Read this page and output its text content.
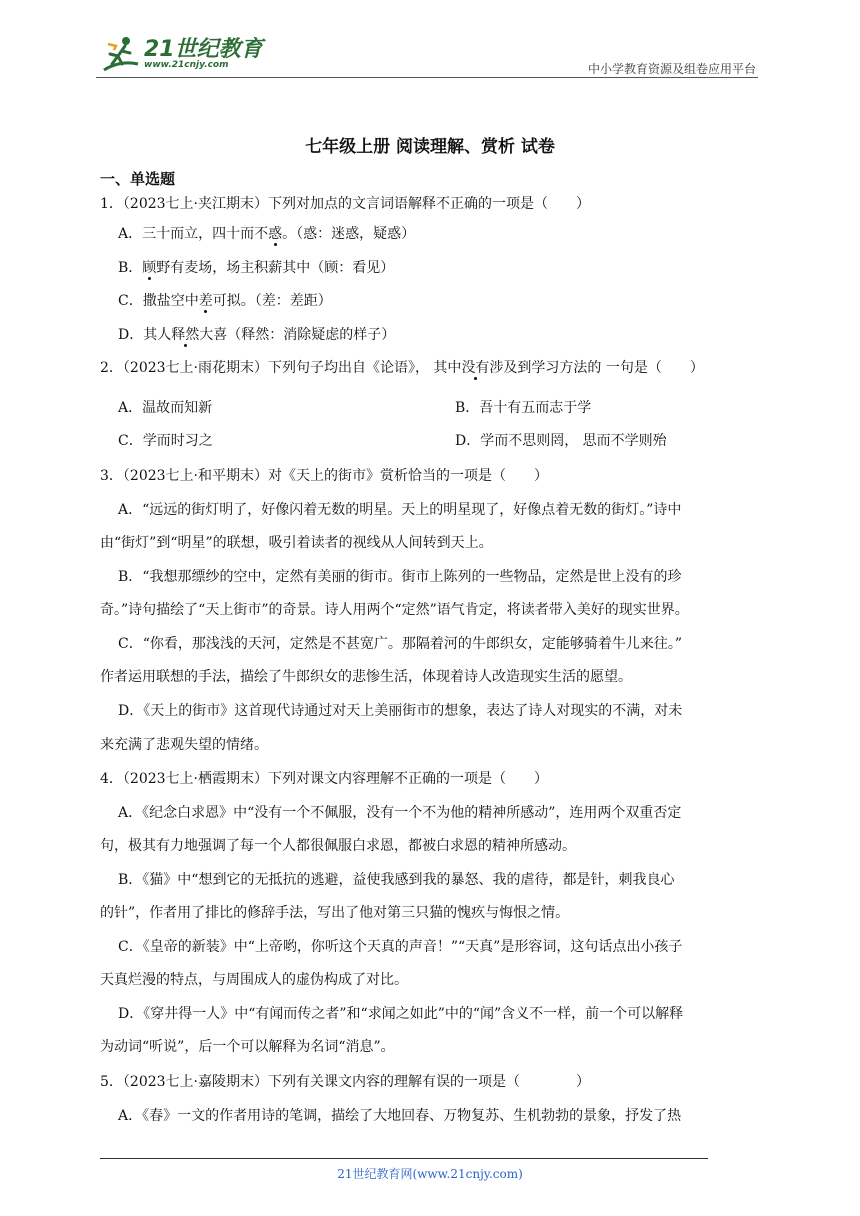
21世纪教育
www.21cnjy.com	中小学教育资源及组卷应用平台
七年级上册 阅读理解、赏析 试卷
一、单选题
1．（2023七上·夹江期末）下列对加点的文言词语解释不正确的一项是（　　）
A．三十而立，四十而不惑。（惑：迷惑，疑惑）
B．顾野有麦场，场主积薪其中（顾：看见）
C．撒盐空中差可拟。（差：差距）
D．其人释然大喜（释然：消除疑虑的样子）
2．（2023七上·雨花期末）下列句子均出自《论语》， 其中没有涉及到学习方法的 一句是（　　）
A．温故而知新	B．吾十有五而志于学
C．学而时习之	D．学而不思则罔， 思而不学则殆
3．（2023七上·和平期末）对《天上的街市》赏析恰当的一项是（　　）
A．“远远的街灯明了，好像闪着无数的明星。天上的明星现了，好像点着无数的街灯。”诗中
由“街灯”到“明星”的联想，吸引着读者的视线从人间转到天上。
B．“我想那缥纱的空中，定然有美丽的街市。街市上陈列的一些物品，定然是世上没有的珍
奇。”诗句描绘了“天上街市”的奇景。诗人用两个“定然”语气肯定，将读者带入美好的现实世界。
C．“你看，那浅浅的天河，定然是不甚宽广。那隔着河的牛郎织女，定能够骑着牛儿来往。”
作者运用联想的手法，描绘了牛郎织女的悲惨生活，体现着诗人改造现实生活的愿望。
D．《天上的街市》这首现代诗通过对天上美丽街市的想象，表达了诗人对现实的不满，对未
来充满了悲观失望的情绪。
4．（2023七上·栖霞期末）下列对课文内容理解不正确的一项是（　　）
A．《纪念白求恩》中“没有一个不佩服，没有一个不为他的精神所感动”，连用两个双重否定
句，极其有力地强调了每一个人都很佩服白求恩，都被白求恩的精神所感动。
B．《猫》中“想到它的无抵抗的逃避，益使我感到我的暴怒、我的虐待，都是针，刺我良心
的针”，作者用了排比的修辞手法，写出了他对第三只猫的愧疚与悔恨之情。
C．《皇帝的新装》中“上帝哟，你听这个天真的声音！”“天真”是形容词，这句话点出小孩子
天真烂漫的特点，与周围成人的虚伪构成了对比。
D．《穿井得一人》中“有闻而传之者”和“求闻之如此”中的“闻”含义不一样，前一个可以解释
为动词“听说”，后一个可以解释为名词“消息”。
5．（2023七上·嘉陵期末）下列有关课文内容的理解有误的一项是（　　　　）
A．《春》一文的作者用诗的笔调，描绘了大地回春、万物复苏、生机勃勃的景象，抒发了热
21世纪教育网(www.21cnjy.com)
